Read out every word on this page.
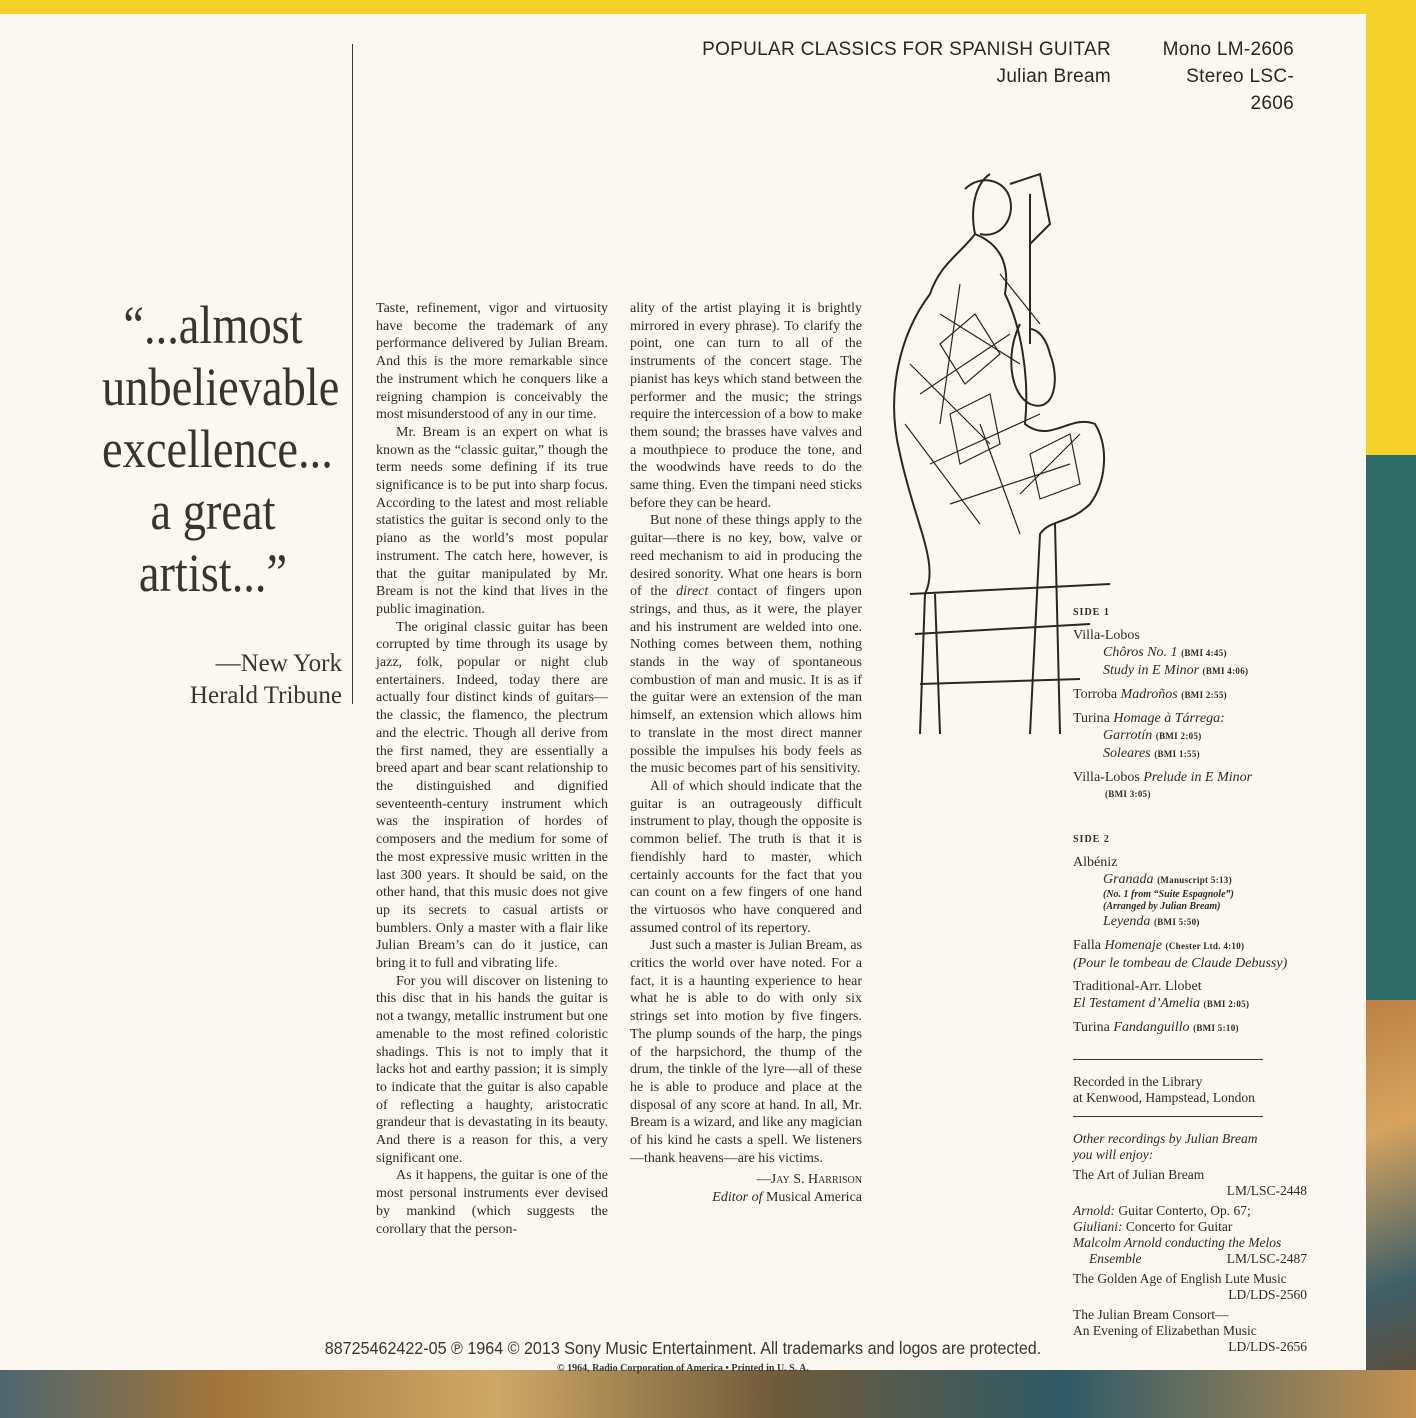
POPULAR CLASSICS FOR SPANISH GUITAR	Mono LM-2606
Julian Bream	Stereo LSC-2606
“...almost
unbelievable
excellence...
a great
artist...”
—New York
Herald Tribune

Taste, refinement, vigor and virtuosity have become the trademark of any performance delivered by Julian Bream. And this is the more remarkable since the instrument which he conquers like a reigning champion is conceivably the most misunderstood of any in our time.

Mr. Bream is an expert on what is known as the “classic guitar,” though the term needs some defining if its true significance is to be put into sharp focus. According to the latest and most reliable statistics the guitar is second only to the piano as the world’s most popular instrument. The catch here, however, is that the guitar manipulated by Mr. Bream is not the kind that lives in the public imagination.

The original classic guitar has been corrupted by time through its usage by jazz, folk, popular or night club entertainers. Indeed, today there are actually four distinct kinds of guitars—the classic, the flamenco, the plectrum and the electric. Though all derive from the first named, they are essentially a breed apart and bear scant relationship to the distinguished and dignified seventeenth-century instrument which was the inspiration of hordes of composers and the medium for some of the most expressive music written in the last 300 years. It should be said, on the other hand, that this music does not give up its secrets to casual artists or bumblers. Only a master with a flair like Julian Bream’s can do it justice, can bring it to full and vibrating life.

For you will discover on listening to this disc that in his hands the guitar is not a twangy, metallic instrument but one amenable to the most refined coloristic shadings. This is not to imply that it lacks hot and earthy passion; it is simply to indicate that the guitar is also capable of reflecting a haughty, aristocratic grandeur that is devastating in its beauty. And there is a reason for this, a very significant one.

As it happens, the guitar is one of the most personal instruments ever devised by mankind (which suggests the corollary that the person-

ality of the artist playing it is brightly mirrored in every phrase). To clarify the point, one can turn to all of the instruments of the concert stage. The pianist has keys which stand between the performer and the music; the strings require the intercession of a bow to make them sound; the brasses have valves and a mouthpiece to produce the tone, and the woodwinds have reeds to do the same thing. Even the timpani need sticks before they can be heard.

But none of these things apply to the guitar—there is no key, bow, valve or reed mechanism to aid in producing the desired sonority. What one hears is born of the direct contact of fingers upon strings, and thus, as it were, the player and his instrument are welded into one. Nothing comes between them, nothing stands in the way of spontaneous combustion of man and music. It is as if the guitar were an extension of the man himself, an extension which allows him to translate in the most direct manner possible the impulses his body feels as the music becomes part of his sensitivity.

All of which should indicate that the guitar is an outrageously difficult instrument to play, though the opposite is common belief. The truth is that it is fiendishly hard to master, which certainly accounts for the fact that you can count on a few fingers of one hand the virtuosos who have conquered and assumed control of its repertory.

Just such a master is Julian Bream, as critics the world over have noted. For a fact, it is a haunting experience to hear what he is able to do with only six strings set into motion by five fingers. The plump sounds of the harp, the pings of the harpsichord, the thump of the drum, the tinkle of the lyre—all of these he is able to produce and place at the disposal of any score at hand. In all, Mr. Bream is a wizard, and like any magician of his kind he casts a spell. We listeners—thank heavens—are his victims.

—Jay S. Harrison
Editor of Musical America
SIDE 1
Villa-Lobos
Chôros No. 1 (BMI 4:45)
Study in E Minor (BMI 4:06)
Torroba Madroños (BMI 2:55)
Turina Homage à Tárrega:
Garrotín (BMI 2:05)
Soleares (BMI 1:55)
Villa-Lobos Prelude in E Minor
(BMI 3:05)
SIDE 2
Albéniz
Granada (Manuscript 5:13)
(No. 1 from “Suite Espagnole”)
(Arranged by Julian Bream)
Leyenda (BMI 5:50)
Falla Homenaje (Chester Ltd. 4:10)
(Pour le tombeau de Claude Debussy)
Traditional-Arr. Llobet
El Testament d’Amelia (BMI 2:05)
Turina Fandanguillo (BMI 5:10)
Recorded in the Library
at Kenwood, Hampstead, London
Other recordings by Julian Bream
you will enjoy:
The Art of Julian Bream
LM/LSC-2448
Arnold: Guitar Conterto, Op. 67;
Giuliani: Concerto for Guitar
Malcolm Arnold conducting the Melos
Ensemble	LM/LSC-2487
The Golden Age of English Lute Music
LD/LDS-2560
The Julian Bream Consort—
An Evening of Elizabethan Music
LD/LDS-2656
88725462422-05 ℗ 1964 © 2013 Sony Music Entertainment. All trademarks and logos are protected.
© 1964, Radio Corporation of America • Printed in U. S. A.
